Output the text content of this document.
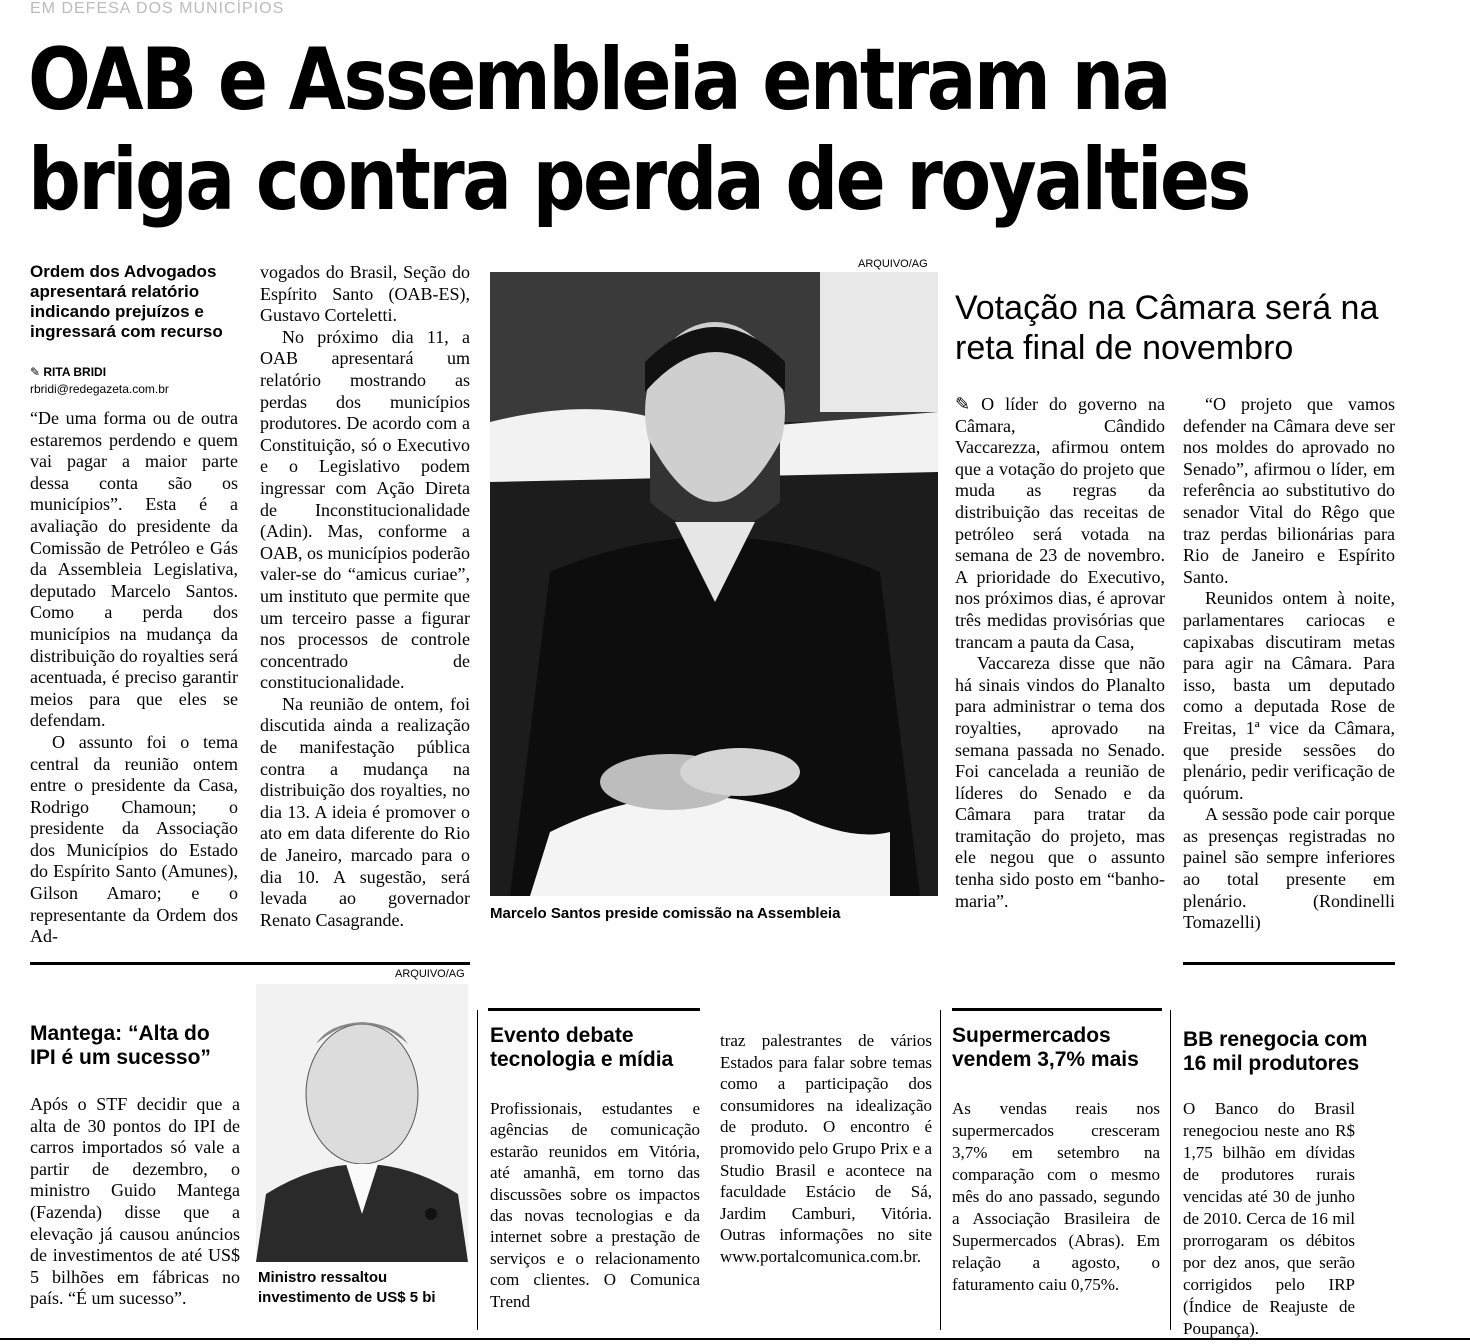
EM DEFESA DOS MUNICÍPIOS
OAB e Assembleia entram na
briga contra perda de royalties
Ordem dos Advogados apresentará relatório indicando prejuízos e ingressará com recurso
✎ RITA BRIDI
rbridi@redegazeta.com.br

“De uma forma ou de outra estaremos perdendo e quem vai pagar a maior parte dessa conta são os municípios”. Esta é a avaliação do presidente da Comissão de Petróleo e Gás da Assembleia Legislativa, deputado Marcelo Santos. Como a perda dos municípios na mudança da distribuição do royalties será acentuada, é preciso garantir meios para que eles se defendam.

O assunto foi o tema central da reunião ontem entre o presidente da Casa, Rodrigo Chamoun; o presidente da Associação dos Municípios do Estado do Espírito Santo (Amunes), Gilson Amaro; e o representante da Ordem dos Ad-

vogados do Brasil, Seção do Espírito Santo (OAB-ES), Gustavo Corteletti.

No próximo dia 11, a OAB apresentará um relatório mostrando as perdas dos municípios produtores. De acordo com a Constituição, só o Executivo e o Legislativo podem ingressar com Ação Direta de Inconstitucionalidade (Adin). Mas, conforme a OAB, os municípios poderão valer-se do “amicus curiae”, um instituto que permite que um terceiro passe a figurar nos processos de controle concentrado de constitucionalidade.

Na reunião de ontem, foi discutida ainda a realização de manifestação pública contra a mudança na distribuição dos royalties, no dia 13. A ideia é promover o ato em data diferente do Rio de Janeiro, marcado para o dia 10. A sugestão, será levada ao governador Renato Casagrande.

ARQUIVO/AG
Marcelo Santos preside comissão na Assembleia
Votação na Câmara será na reta final de novembro

✎ O líder do governo na Câmara, Cândido Vaccarezza, afirmou ontem que a votação do projeto que muda as regras da distribuição das receitas de petróleo será votada na semana de 23 de novembro. A prioridade do Executivo, nos próximos dias, é aprovar três medidas provisórias que trancam a pauta da Casa,

Vaccareza disse que não há sinais vindos do Planalto para administrar o tema dos royalties, aprovado na semana passada no Senado. Foi cancelada a reunião de líderes do Senado e da Câmara para tratar da tramitação do projeto, mas ele negou que o assunto tenha sido posto em “banho-maria”.

“O projeto que vamos defender na Câmara deve ser nos moldes do aprovado no Senado”, afirmou o líder, em referência ao substitutivo do senador Vital do Rêgo que traz perdas bilionárias para Rio de Janeiro e Espírito Santo.

Reunidos ontem à noite, parlamentares cariocas e capixabas discutiram metas para agir na Câmara. Para isso, basta um deputado como a deputada Rose de Freitas, 1ª vice da Câmara, que preside sessões do plenário, pedir verificação de quórum.

A sessão pode cair porque as presenças registradas no painel são sempre inferiores ao total presente em plenário. (Rondinelli Tomazelli)

Mantega: “Alta do IPI é um sucesso”

Após o STF decidir que a alta de 30 pontos do IPI de carros importados só vale a partir de dezembro, o ministro Guido Mantega (Fazenda) disse que a elevação já causou anúncios de investimentos de até US$ 5 bilhões em fábricas no país. “É um sucesso”.

ARQUIVO/AG
Ministro ressaltou investimento de US$ 5 bi
Evento debate tecnologia e mídia

Profissionais, estudantes e agências de comunicação estarão reunidos em Vitória, até amanhã, em torno das discussões sobre os impactos das novas tecnologias e da internet sobre a prestação de serviços e o relacionamento com clientes. O Comunica Trend

traz palestrantes de vários Estados para falar sobre temas como a participação dos consumidores na idealização de produto. O encontro é promovido pelo Grupo Prix e a Studio Brasil e acontece na faculdade Estácio de Sá, Jardim Camburi, Vitória. Outras informações no site www.portalcomunica.com.br.

Supermercados vendem 3,7% mais

As vendas reais nos supermercados cresceram 3,7% em setembro na comparação com o mesmo mês do ano passado, segundo a Associação Brasileira de Supermercados (Abras). Em relação a agosto, o faturamento caiu 0,75%.

BB renegocia com 16 mil produtores

O Banco do Brasil renegociou neste ano R$ 1,75 bilhão em dívidas de produtores rurais vencidas até 30 de junho de 2010. Cerca de 16 mil prorrogaram os débitos por dez anos, que serão corrigidos pelo IRP (Índice de Reajuste de Poupança).
